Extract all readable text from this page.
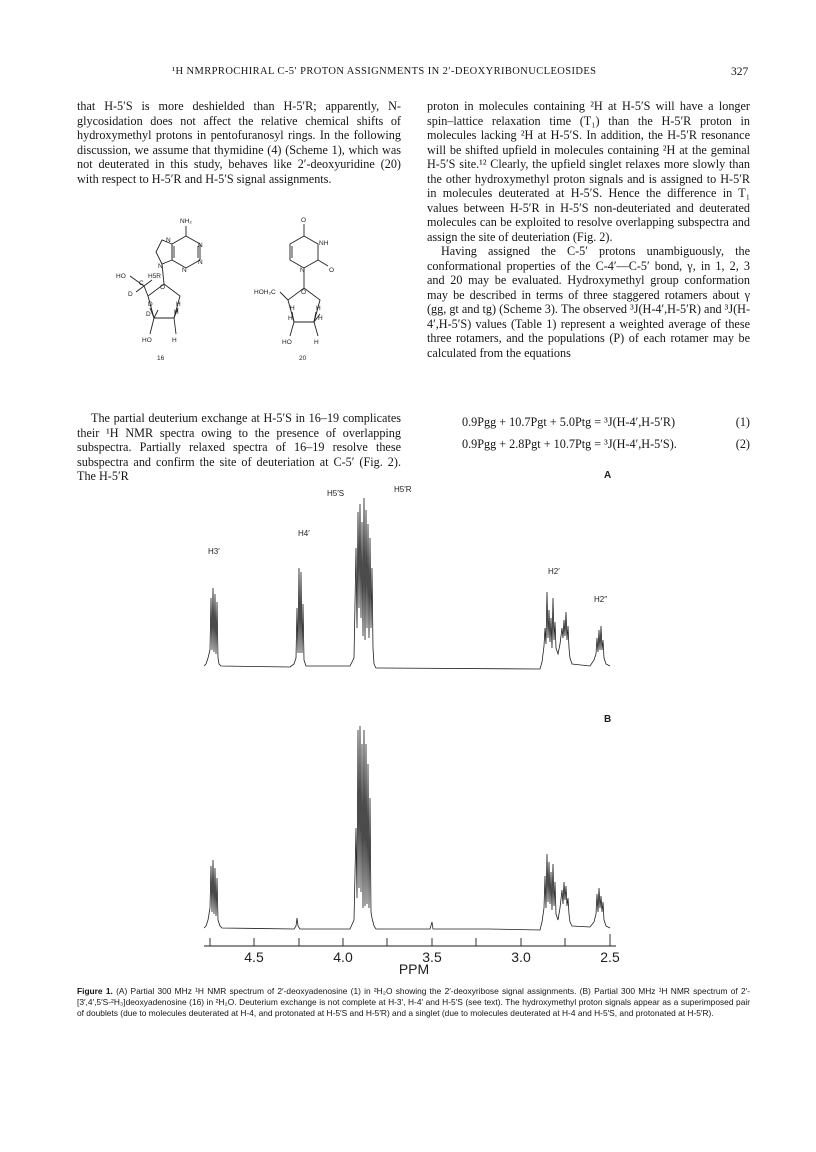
¹H NMRPROCHIRAL C-5′ PROTON ASSIGNMENTS IN 2′-DEOXYRIBONUCLEOSIDES	327

that H-5′S is more deshielded than H-5′R; apparently, N-glycosidation does not affect the relative chemical shifts of hydroxymethyl protons in pentofuranosyl rings. In the following discussion, we assume that thymidine (4) (Scheme 1), which was not deuterated in this study, behaves like 2′-deoxyuridine (20) with respect to H-5′R and H-5′S signal assignments.

NH₂
N
N
N
N
N
HO	H5R
C
D
O
D	H
D	H
HO	H
16
O
NH
O
N
HOH₂C	O
H	H
H	H
HO	H
20

The partial deuterium exchange at H-5′S in 16–19 complicates their ¹H NMR spectra owing to the presence of overlapping subspectra. Partially relaxed spectra of 16–19 resolve these subspectra and confirm the site of deuteriation at C-5′ (Fig. 2). The H-5′R

proton in molecules containing ²H at H-5′S will have a longer spin–lattice relaxation time (T₁) than the H-5′R proton in molecules lacking ²H at H-5′S. In addition, the H-5′R resonance will be shifted upfield in molecules containing ²H at the geminal H-5′S site.¹² Clearly, the upfield singlet relaxes more slowly than the other hydroxymethyl proton signals and is assigned to H-5′R in molecules deuterated at H-5′S. Hence the difference in T₁ values between H-5′R in H-5′S non-deuteriated and deuterated molecules can be exploited to resolve overlapping subspectra and assign the site of deuteriation (Fig. 2).

Having assigned the C-5′ protons unambiguously, the conformational properties of the C-4′—C-5′ bond, γ, in 1, 2, 3 and 20 may be evaluated. Hydroxymethyl group conformation may be described in terms of three staggered rotamers about γ (gg, gt and tg) (Scheme 3). The observed ³J(H-4′,H-5′R) and ³J(H-4′,H-5′S) values (Table 1) represent a weighted average of these three rotamers, and the populations (P) of each rotamer may be calculated from the equations

0.9Pgg + 10.7Pgt + 5.0Ptg = ³J(H-4′,H-5′R)	(1)
0.9Pgg + 2.8Pgt + 10.7Ptg = ³J(H-4′,H-5′S).	(2)
4.5	4.0	3.5	3.0	2.5
PPM
A
B
H5′S	H5′R
H4′
H3′
H2′
H2″
Figure 1. (A) Partial 300 MHz ¹H NMR spectrum of 2′-deoxyadenosine (1) in ²H₂O showing the 2′-deoxyribose signal assignments. (B) Partial 300 MHz ¹H NMR spectrum of 2′-[3′,4′,5′S-²H₃]deoxyadenosine (16) in ²H₂O. Deuterium exchange is not complete at H-3′, H-4′ and H-5′S (see text). The hydroxymethyl proton signals appear as a superimposed pair of doublets (due to molecules deuterated at H-4, and protonated at H-5′S and H-5′R) and a singlet (due to molecules deuterated at H-4 and H-5′S, and protonated at H-5′R).
